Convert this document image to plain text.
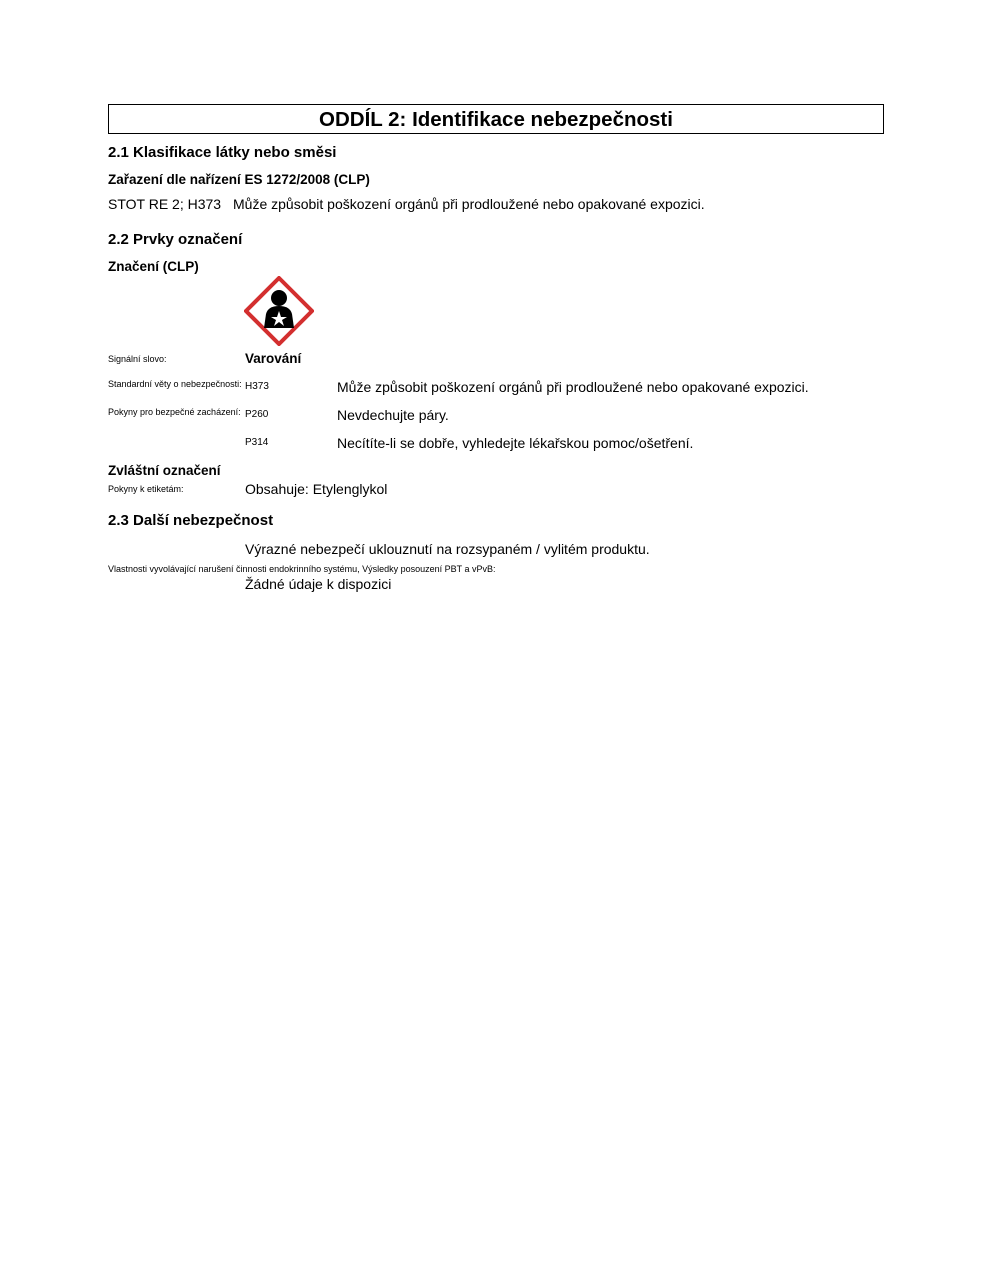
ODDÍL 2: Identifikace nebezpečnosti
2.1 Klasifikace látky nebo směsi
Zařazení dle nařízení ES 1272/2008 (CLP)
STOT RE 2; H373 Může způsobit poškození orgánů při prodloužené nebo opakované expozici.
2.2 Prvky označení
Značení (CLP)
Signální slovo:	Varování
Standardní věty o nebezpečnosti: H373	Může způsobit poškození orgánů při prodloužené nebo opakované expozici.
Pokyny pro bezpečné zacházení: P260	Nevdechujte páry.
P314	Necítíte-li se dobře, vyhledejte lékařskou pomoc/ošetření.
Zvláštní označení
Pokyny k etiketám:	Obsahuje: Etylenglykol
2.3 Další nebezpečnost
Výrazné nebezpečí uklouznutí na rozsypaném / vylitém produktu.
Vlastnosti vyvolávající narušení činnosti endokrinního systému, Výsledky posouzení PBT a vPvB:
Žádné údaje k dispozici
